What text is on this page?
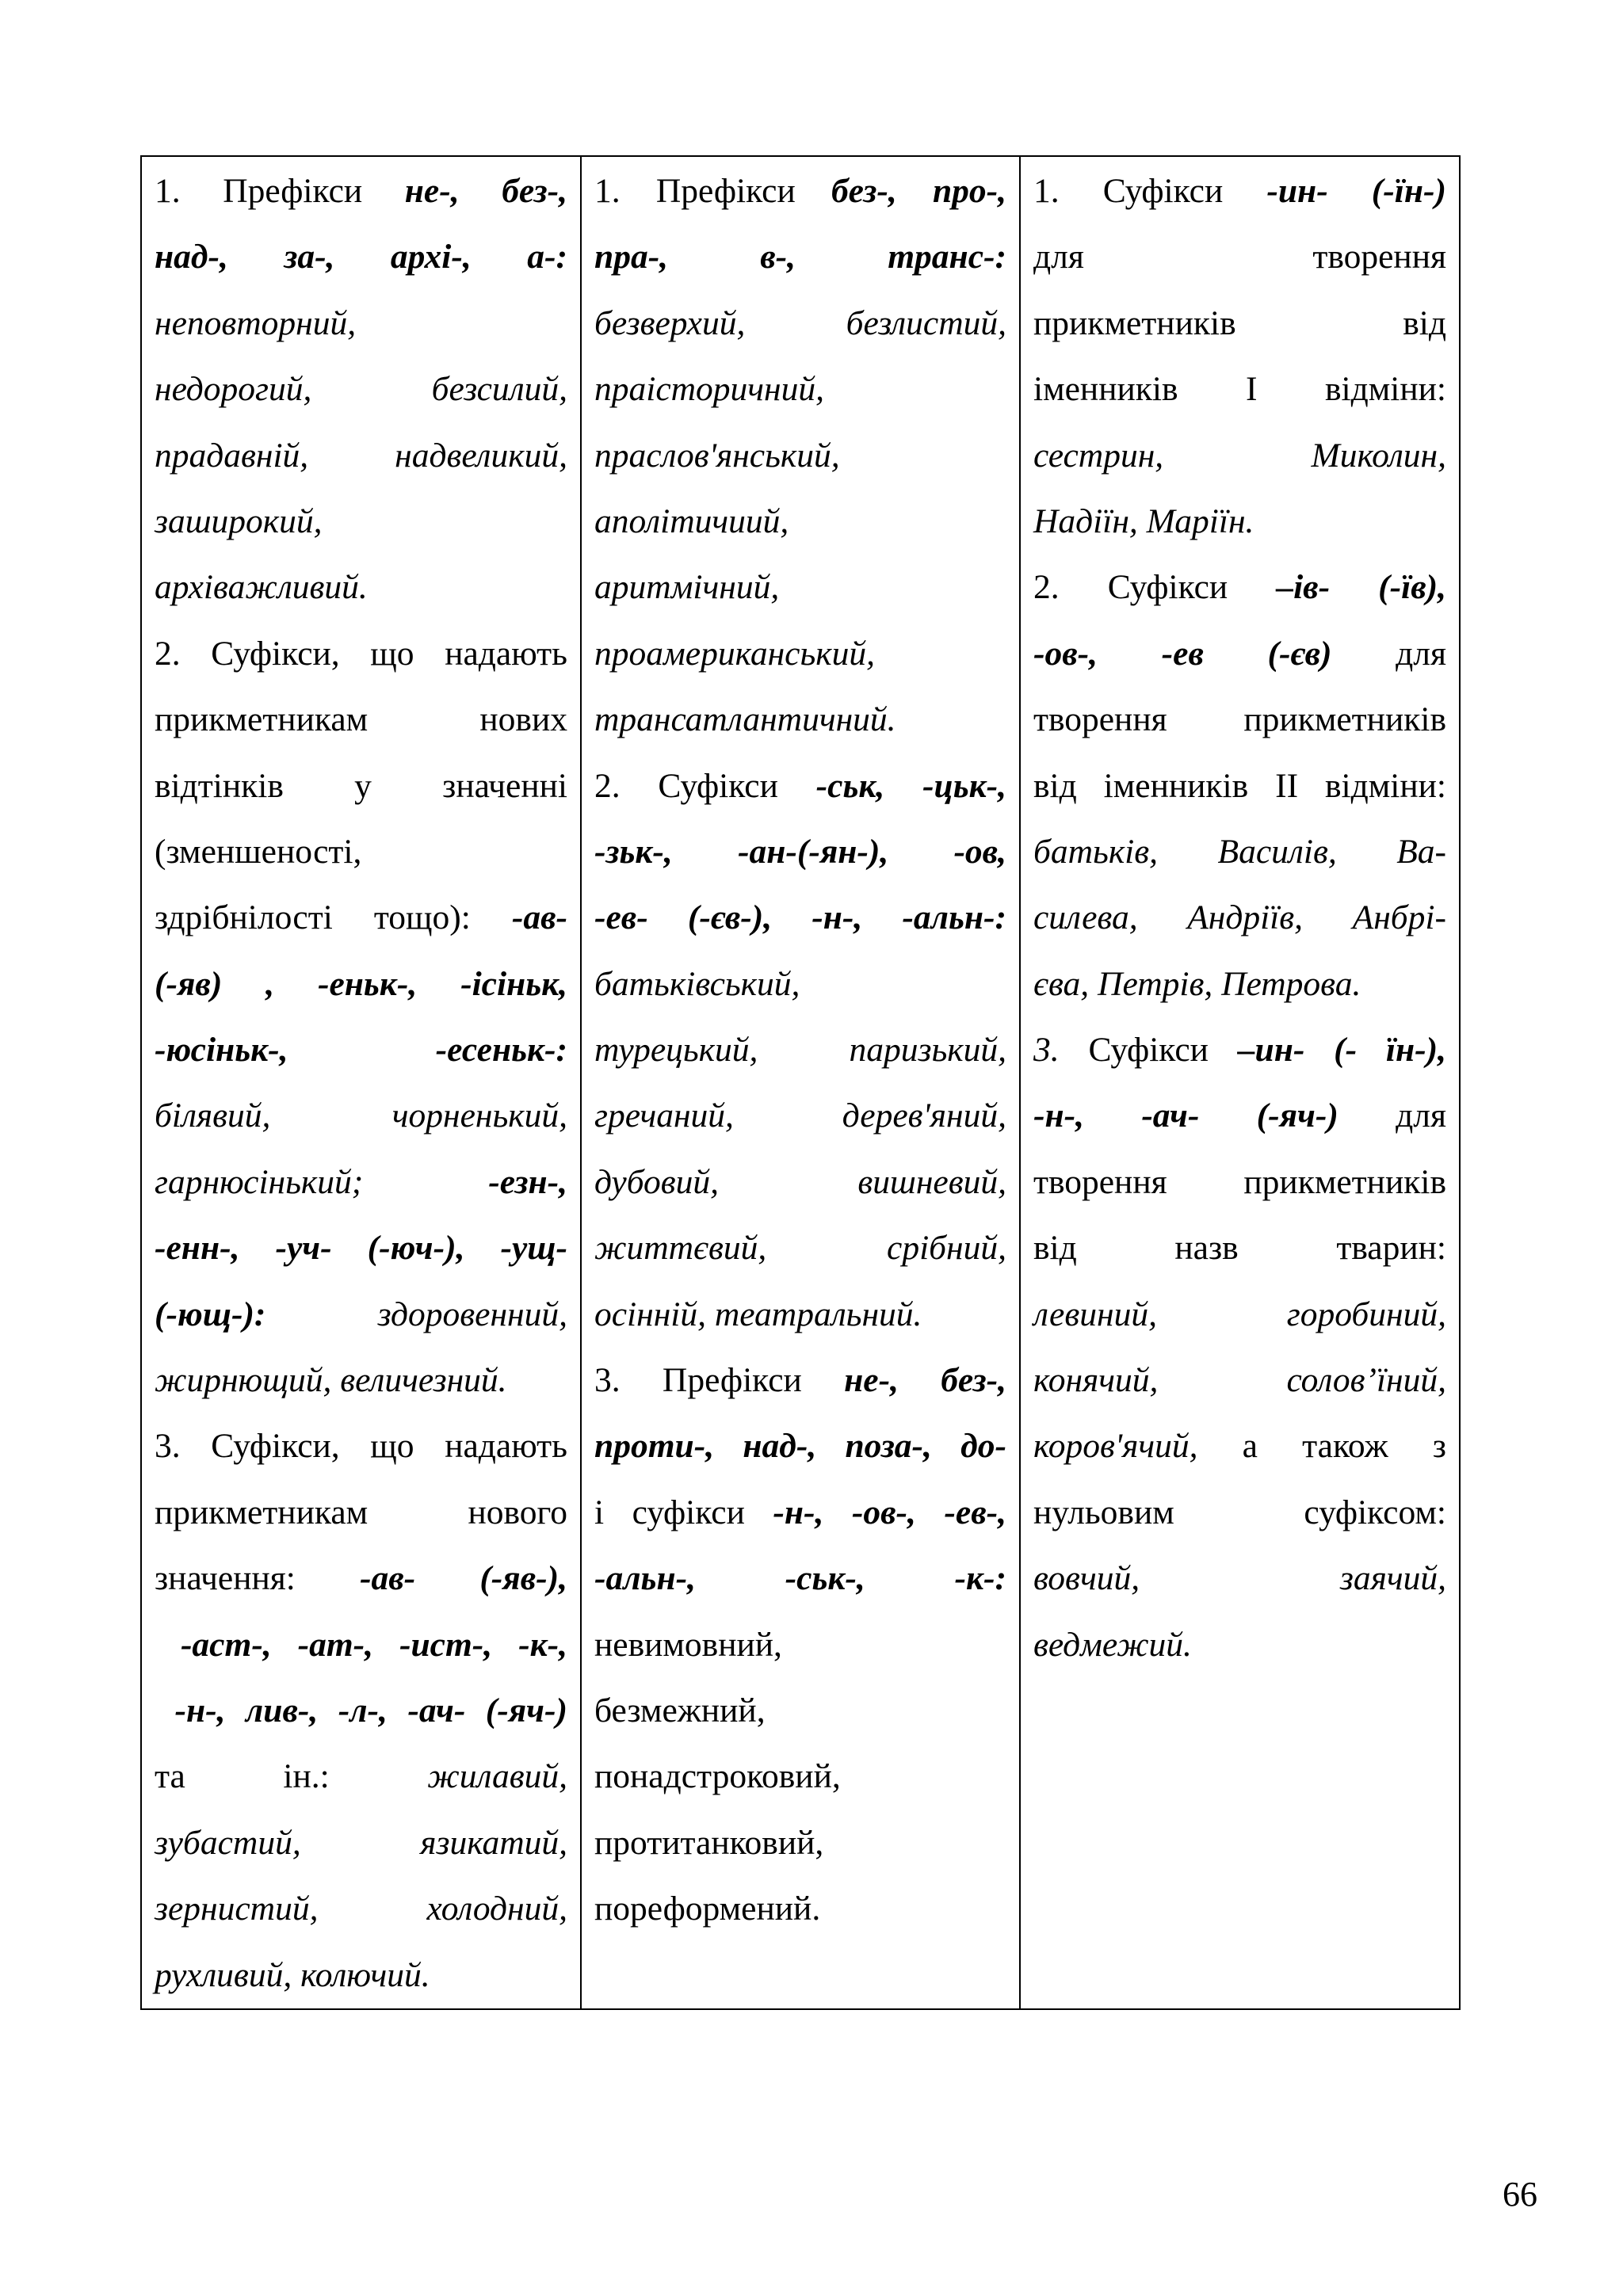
1. Префікси не-, без-,
над-, за-, архі-, а-:
неповторний,
недорогий, безсилий,
прадавній, надвеликий,
заширокий,
архіважливий.
2. Суфікси, що надають
прикметникам нових
відтінків у значенні
(зменшеності,
здрібнілості тощо): -ав-
(-яв) , -еньк-, -ісіньк,
-юсіньк-, -есеньк-:
білявий, чорненький,
гарнюсінький; -езн-,
-енн-, -уч- (-юч-), -ущ-
(-ющ-): здоровенний,
жирнющий, величезний.
3. Суфікси, що надають
прикметникам нового
значення: -ав- (-яв-),
-аст-, -ат-, -ист-, -к-,
-н-, лив-, -л-, -ач- (-яч-)
та ін.: жилавий,
зубастий, язикатий,
зернистий, холодний,
рухливий, колючий.

1. Префікси без-, про-,
пра-, в-, транс-:
безверхий, безлистий,
праісторичний,
праслов'янський,
аполітичиий,
аритмічний,
проамериканський,
трансатлантичний.
2. Суфікси -ськ, -цьк-,
-зьк-, -ан-(-ян-), -ов,
-ев- (-єв-), -н-, -альн-:
батьківський,
турецький, паризький,
гречаний, дерев'яний,
дубовий, вишневий,
життєвий, срібний,
осінній, театральний.
3. Префікси не-, без-,
проти-, над-, поза-, до-
і суфікси -н-, -ов-, -ев-,
-альн-, -ськ-, -к-:
невимовний,
безмежний,
понадстроковий,
протитанковий,
пореформений.

1. Суфікси -ин- (-їн-)
для творення
прикметників від
іменників І відміни:
сестрин, Миколин,
Надіїн, Маріїн.
2. Суфікси –ів- (-їв),
-ов-, -ев (-єв) для
творення прикметників
від іменників ІІ відміни:
батьків, Василів, Ва-
силева, Андріїв, Анбрі-
єва, Петрів, Петрова.
3. Суфікси –ин- (- їн-),
-н-, -ач- (-яч-) для
творення прикметників
від назв тварин:
левиний, горобиний,
конячий, солов’їний,
коров'ячий, а також з
нульовим суфіксом:
вовчий, заячий,
ведмежий.
66
